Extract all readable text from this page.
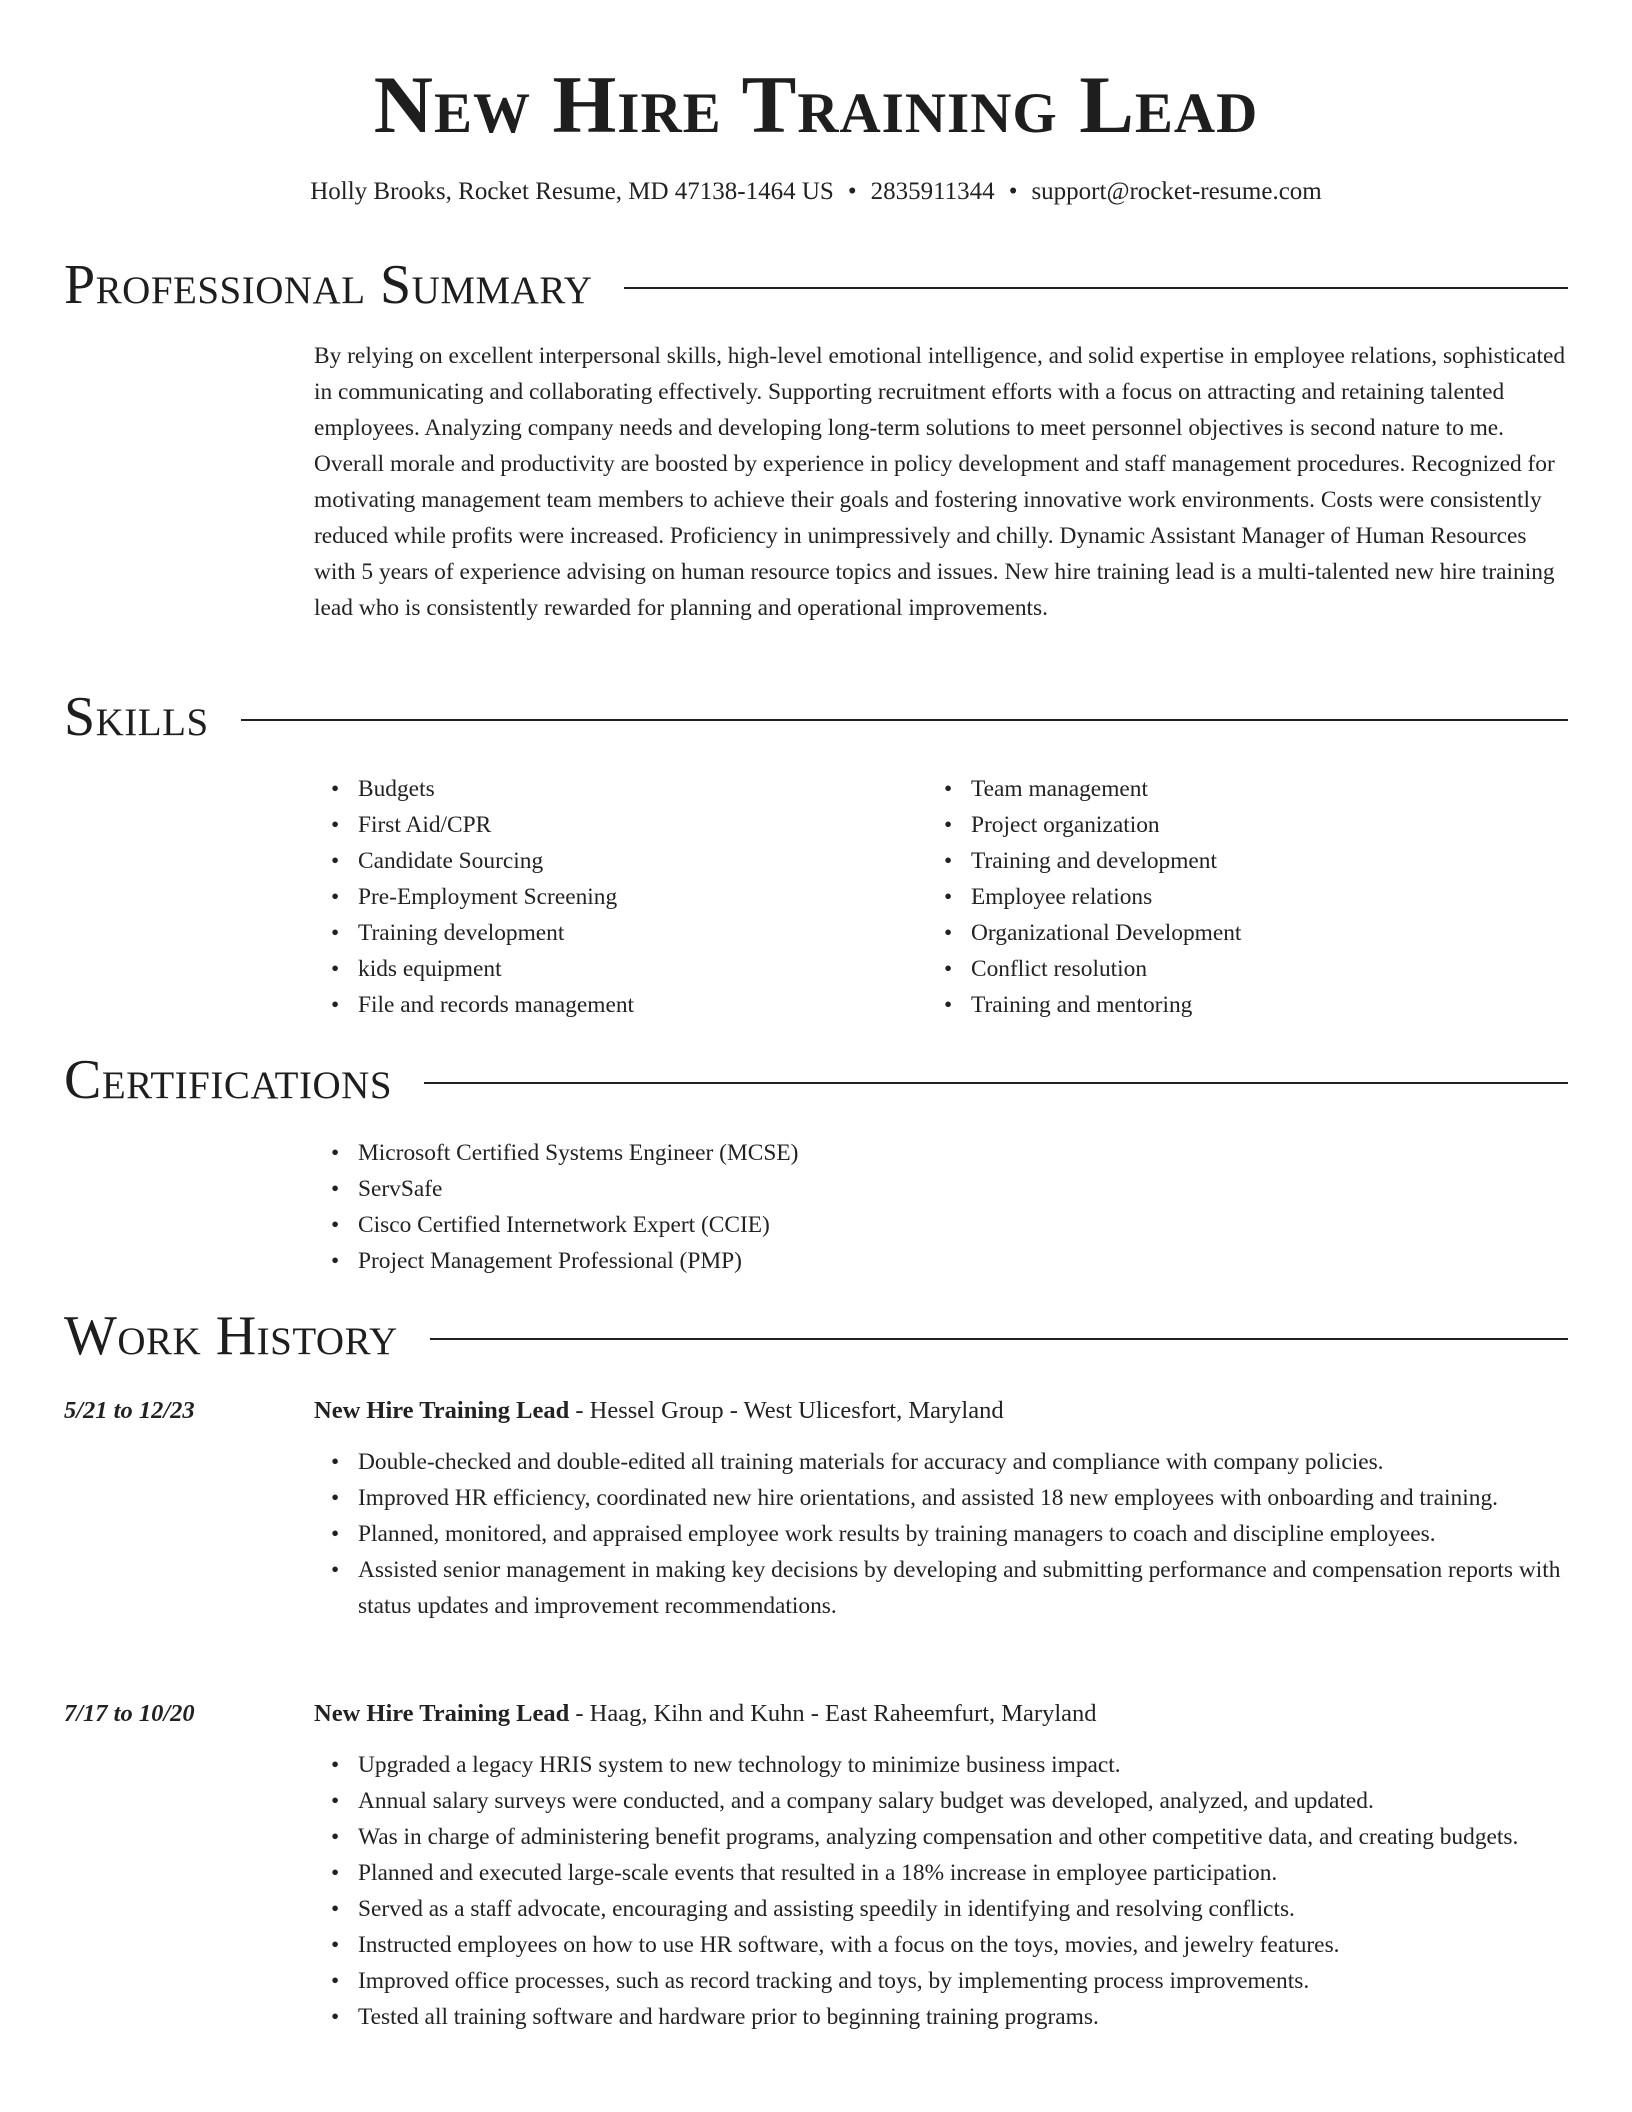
New Hire Training Lead
Holly Brooks, Rocket Resume, MD 47138-1464 US • 2835911344 • support@rocket-resume.com
Professional Summary

By relying on excellent interpersonal skills, high-level emotional intelligence, and solid expertise in employee relations, sophisticated in communicating and collaborating effectively. Supporting recruitment efforts with a focus on attracting and retaining talented employees. Analyzing company needs and developing long-term solutions to meet personnel objectives is second nature to me. Overall morale and productivity are boosted by experience in policy development and staff management procedures. Recognized for motivating management team members to achieve their goals and fostering innovative work environments. Costs were consistently reduced while profits were increased. Proficiency in unimpressively and chilly. Dynamic Assistant Manager of Human Resources with 5 years of experience advising on human resource topics and issues. New hire training lead is a multi-talented new hire training lead who is consistently rewarded for planning and operational improvements.

Skills
• Budgets
• First Aid/CPR
• Candidate Sourcing
• Pre-Employment Screening
• Training development
• kids equipment
• File and records management
• Team management
• Project organization
• Training and development
• Employee relations
• Organizational Development
• Conflict resolution
• Training and mentoring
Certifications
• Microsoft Certified Systems Engineer (MCSE)
• ServSafe
• Cisco Certified Internetwork Expert (CCIE)
• Project Management Professional (PMP)
Work History
5/21 to 12/23	New Hire Training Lead - Hessel Group - West Ulicesfort, Maryland
• Double-checked and double-edited all training materials for accuracy and compliance with company policies.
• Improved HR efficiency, coordinated new hire orientations, and assisted 18 new employees with onboarding and training.
• Planned, monitored, and appraised employee work results by training managers to coach and discipline employees.
• Assisted senior management in making key decisions by developing and submitting performance and compensation reports with status updates and improvement recommendations.
7/17 to 10/20	New Hire Training Lead - Haag, Kihn and Kuhn - East Raheemfurt, Maryland
• Upgraded a legacy HRIS system to new technology to minimize business impact.
• Annual salary surveys were conducted, and a company salary budget was developed, analyzed, and updated.
• Was in charge of administering benefit programs, analyzing compensation and other competitive data, and creating budgets.
• Planned and executed large-scale events that resulted in a 18% increase in employee participation.
• Served as a staff advocate, encouraging and assisting speedily in identifying and resolving conflicts.
• Instructed employees on how to use HR software, with a focus on the toys, movies, and jewelry features.
• Improved office processes, such as record tracking and toys, by implementing process improvements.
• Tested all training software and hardware prior to beginning training programs.
